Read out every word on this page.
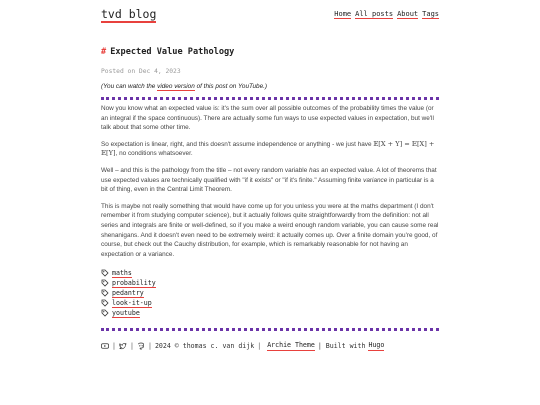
tvd blog	Home All posts About Tags
# Expected Value Pathology
Posted on Dec 4, 2023
(You can watch the video version of this post on YouTube.)

Now you know what an expected value is: it's the sum over all possible outcomes of the probability times the value (or an integral if the space continuous). There are actually some fun ways to use expected values in expectation, but we'll talk about that some other time.

So expectation is linear, right, and this doesn't assume independence or anything - we just have 𝔼[X + Y] = 𝔼[X] + 𝔼[Y], no conditions whatsoever.

Well – and this is the pathology from the title – not every random variable has an expected value. A lot of theorems that use expected values are technically qualified with "if it exists" or "if it's finite." Assuming finite variance in particular is a bit of thing, even in the Central Limit Theorem.

This is maybe not really something that would have come up for you unless you were at the maths department (I don't remember it from studying computer science), but it actually follows quite straightforwardly from the definition: not all series and integrals are finite or well-defined, so if you make a weird enough random variable, you can cause some real shenanigans. And it doesn't even need to be extremely weird: it actually comes up. Over a finite domain you're good, of course, but check out the Cauchy distribution, for example, which is remarkably reasonable for not having an expectation or a variance.

maths
probability
pedantry
look-it-up
youtube
| | | 2024 © thomas c. van dijk | Archie Theme | Built with Hugo
